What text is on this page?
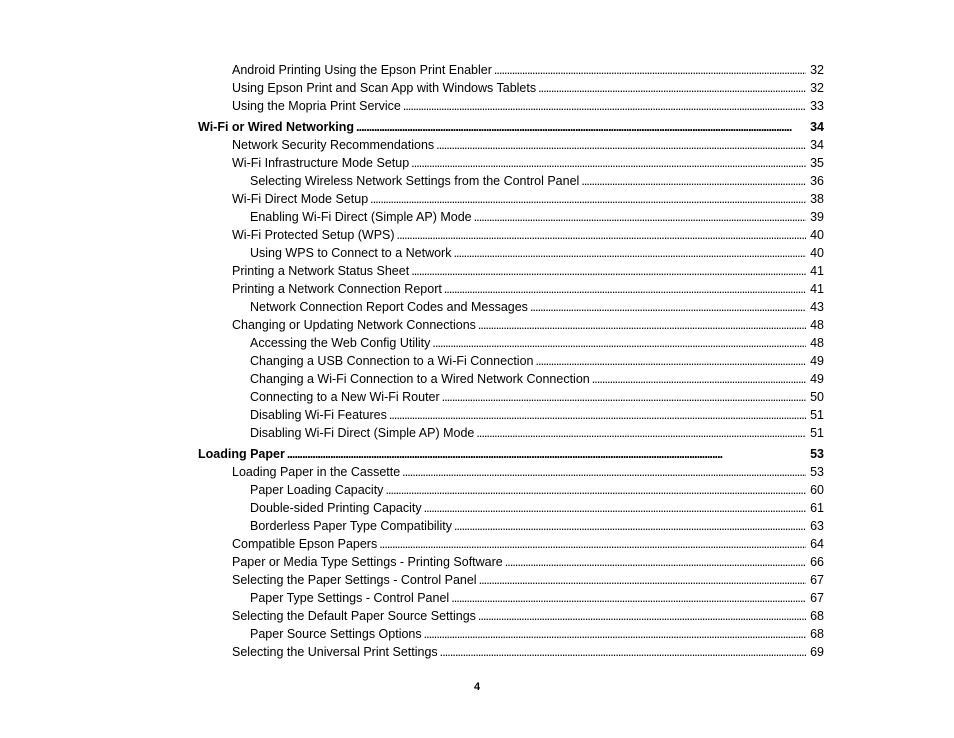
Android Printing Using the Epson Print Enabler . . .	32
Using Epson Print and Scan App with Windows Tablets . . .	32
Using the Mopria Print Service . . .	33
Wi-Fi or Wired Networking . . .	34
Network Security Recommendations . . .	34
Wi-Fi Infrastructure Mode Setup . . .	35
Selecting Wireless Network Settings from the Control Panel . . .	36
Wi-Fi Direct Mode Setup . . .	38
Enabling Wi-Fi Direct (Simple AP) Mode . . .	39
Wi-Fi Protected Setup (WPS) . . .	40
Using WPS to Connect to a Network . . .	40
Printing a Network Status Sheet . . .	41
Printing a Network Connection Report . . .	41
Network Connection Report Codes and Messages . . .	43
Changing or Updating Network Connections . . .	48
Accessing the Web Config Utility . . .	48
Changing a USB Connection to a Wi-Fi Connection . . .	49
Changing a Wi-Fi Connection to a Wired Network Connection . . .	49
Connecting to a New Wi-Fi Router . . .	50
Disabling Wi-Fi Features . . .	51
Disabling Wi-Fi Direct (Simple AP) Mode . . .	51
Loading Paper . . .	53
Loading Paper in the Cassette . . .	53
Paper Loading Capacity . . .	60
Double-sided Printing Capacity . . .	61
Borderless Paper Type Compatibility . . .	63
Compatible Epson Papers . . .	64
Paper or Media Type Settings - Printing Software . . .	66
Selecting the Paper Settings - Control Panel . . .	67
Paper Type Settings - Control Panel . . .	67
Selecting the Default Paper Source Settings . . .	68
Paper Source Settings Options . . .	68
Selecting the Universal Print Settings . . .	69
4
